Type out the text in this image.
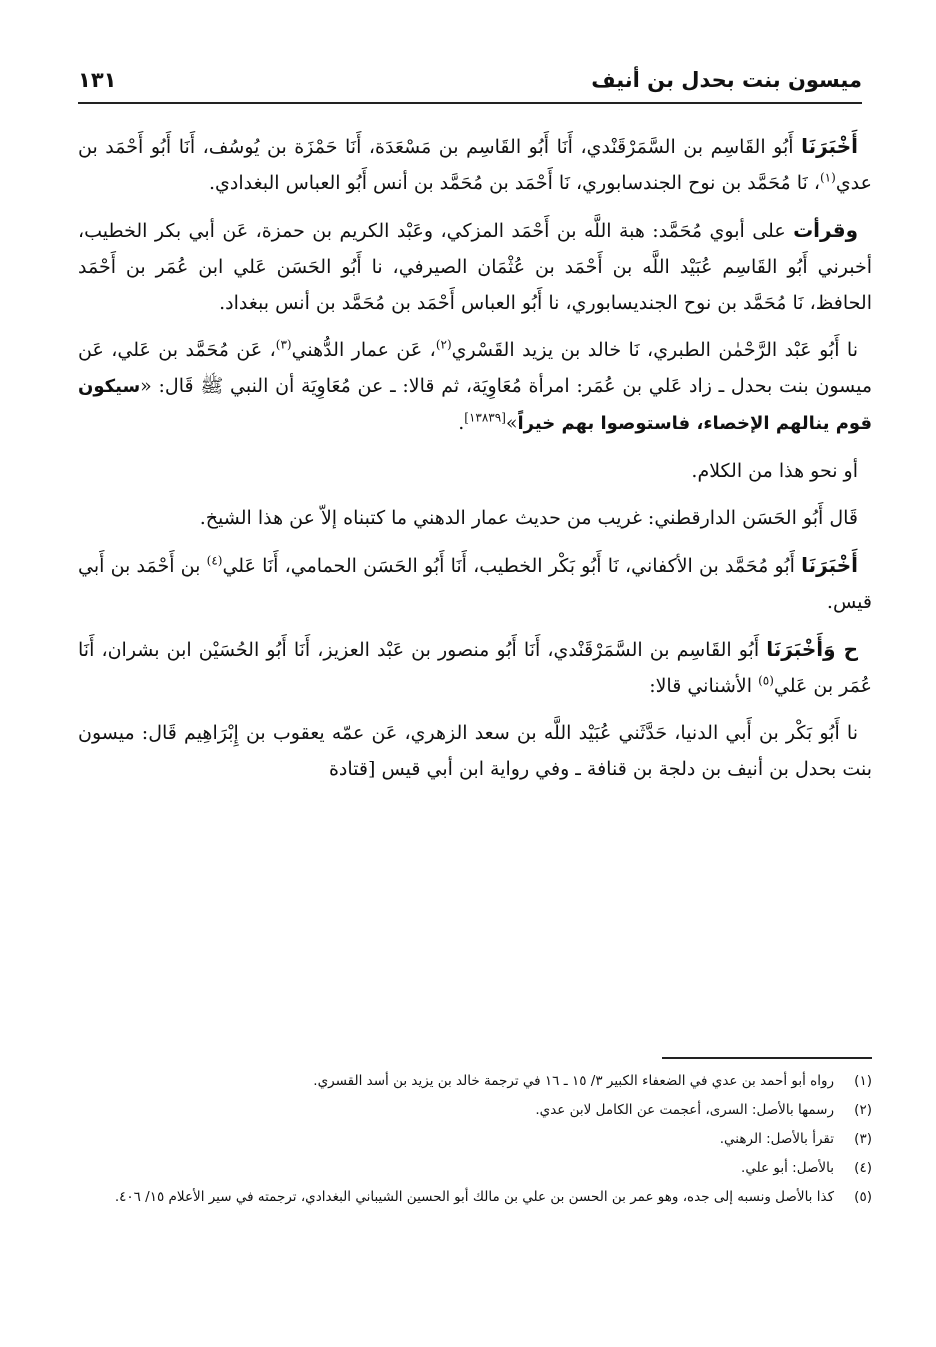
ميسون بنت بحدل بن أنيف
١٣١

أَخْبَرَنَا أَبُو القَاسِم بن السَّمَرْقَنْدي، أَنَا أَبُو القَاسِم بن مَسْعَدَة، أَنَا حَمْزَة بن يُوسُف، أَنَا أَبُو أَحْمَد بن عدي$^{(١)}$، نَا مُحَمَّد بن نوح الجندسابوري، نَا أَحْمَد بن مُحَمَّد بن أنس أَبُو العباس البغدادي.

وقرأت على أبوي مُحَمَّد: هبة اللَّه بن أَحْمَد المزكي، وعَبْد الكريم بن حمزة، عَن أبي بكر الخطيب، أخبرني أَبُو القَاسِم عُبَيْد اللَّه بن أَحْمَد بن عُثْمَان الصيرفي، نا أَبُو الحَسَن عَلي ابن عُمَر بن أَحْمَد الحافظ، نَا مُحَمَّد بن نوح الجنديسابوري، نا أَبُو العباس أَحْمَد بن مُحَمَّد بن أنس ببغداد.

نا أَبُو عَبْد الرَّحْمٰن الطبري، نَا خالد بن يزيد القَسْري$^{(٢)}$، عَن عمار الدُّهني$^{(٣)}$، عَن مُحَمَّد بن عَلي، عَن ميسون بنت بحدل ـ زاد عَلي بن عُمَر: امرأة مُعَاوِيَة، ثم قالا: ـ عن مُعَاوِيَة أن النبي ﷺ قَال: «سيكون قوم ينالهم الإخصاء، فاستوصوا بهم خيراً»[١٣٨٣٩].

أو نحو هذا من الكلام.

قَال أَبُو الحَسَن الدارقطني: غريب من حديث عمار الدهني ما كتبناه إلاّ عن هذا الشيخ.

أَخْبَرَنَا أَبُو مُحَمَّد بن الأكفاني، نَا أَبُو بَكْر الخطيب، أَنَا أَبُو الحَسَن الحمامي، أَنَا عَلي$^{(٤)}$ بن أَحْمَد بن أَبي قيس.

ح وَأَخْبَرَنَا أَبُو القَاسِم بن السَّمَرْقَنْدي، أَنَا أَبُو منصور بن عَبْد العزيز، أَنَا أَبُو الحُسَيْن ابن بشران، أَنَا عُمَر بن عَلي$^{(٥)}$ الأشناني قالا:

نا أَبُو بَكْر بن أَبي الدنيا، حَدَّثَني عُبَيْد اللَّه بن سعد الزهري، عَن عمّه يعقوب بن إِبْرَاهِيم قَال: ميسون بنت بحدل بن أنيف بن دلجة بن قنافة ـ وفي رواية ابن أبي قيس [قتادة

(١)
رواه أبو أحمد بن عدي في الضعفاء الكبير ٣/ ١٥ ـ ١٦ في ترجمة خالد بن يزيد بن أسد القسري.
(٢)
رسمها بالأصل: السرى، أعجمت عن الكامل لابن عدي.
(٣)
تقرأ بالأصل: الرهني.
(٤)
بالأصل: أبو علي.
(٥)
كذا بالأصل ونسبه إلى جده، وهو عمر بن الحسن بن علي بن مالك أبو الحسين الشيباني البغدادي، ترجمته في سير الأعلام ١٥/ ٤٠٦.
